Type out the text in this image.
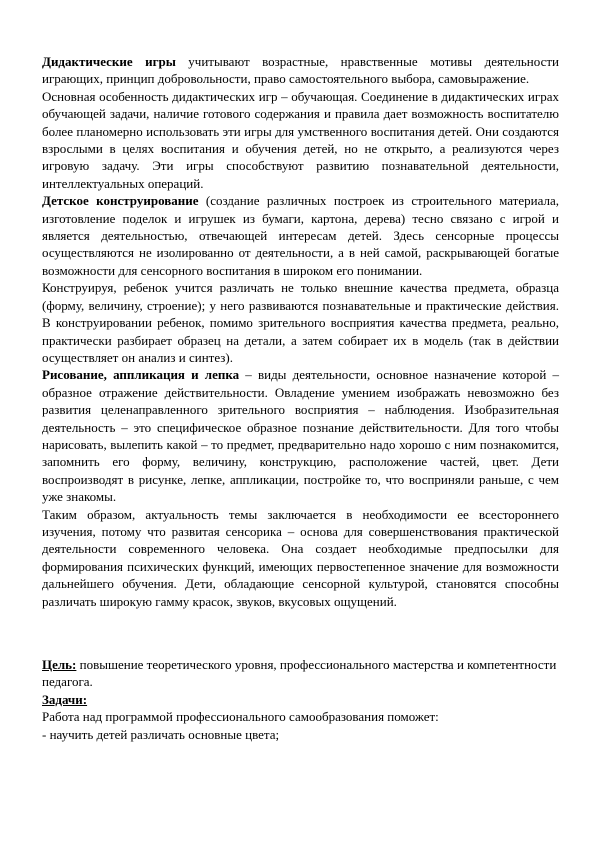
Дидактические игры учитывают возрастные, нравственные мотивы деятельности играющих, принцип добровольности, право самостоятельного выбора, самовыражение.

Основная особенность дидактических игр – обучающая. Соединение в дидактических играх обучающей задачи, наличие готового содержания и правила дает возможность воспитателю более планомерно использовать эти игры для умственного воспитания детей. Они создаются взрослыми в целях воспитания и обучения детей, но не открыто, а реализуются через игровую задачу. Эти игры способствуют развитию познавательной деятельности, интеллектуальных операций.

Детское конструирование (создание различных построек из строительного материала, изготовление поделок и игрушек из бумаги, картона, дерева) тесно связано с игрой и является деятельностью, отвечающей интересам детей. Здесь сенсорные процессы осуществляются не изолированно от деятельности, а в ней самой, раскрывающей богатые возможности для сенсорного воспитания в широком его понимании.

Конструируя, ребенок учится различать не только внешние качества предмета, образца (форму, величину, строение); у него развиваются познавательные и практические действия. В конструировании ребенок, помимо зрительного восприятия качества предмета, реально, практически разбирает образец на детали, а затем собирает их в модель (так в действии осуществляет он анализ и синтез).

Рисование, аппликация и лепка – виды деятельности, основное назначение которой – образное отражение действительности. Овладение умением изображать невозможно без развития целенаправленного зрительного восприятия – наблюдения. Изобразительная деятельность – это специфическое образное познание действительности. Для того чтобы нарисовать, вылепить какой – то предмет, предварительно надо хорошо с ним познакомится, запомнить его форму, величину, конструкцию, расположение частей, цвет. Дети воспроизводят в рисунке, лепке, аппликации, постройке то, что восприняли раньше, с чем уже знакомы.

Таким образом, актуальность темы заключается в необходимости ее всестороннего изучения, потому что развитая сенсорика – основа для совершенствования практической деятельности современного человека. Она создает необходимые предпосылки для формирования психических функций, имеющих первостепенное значение для возможности дальнейшего обучения. Дети, обладающие сенсорной культурой, становятся способны различать широкую гамму красок, звуков, вкусовых ощущений.

Цель: повышение теоретического уровня, профессионального мастерства и компетентности педагога.

Задачи:

Работа над программой профессионального самообразования поможет:

- научить детей различать основные цвета;
